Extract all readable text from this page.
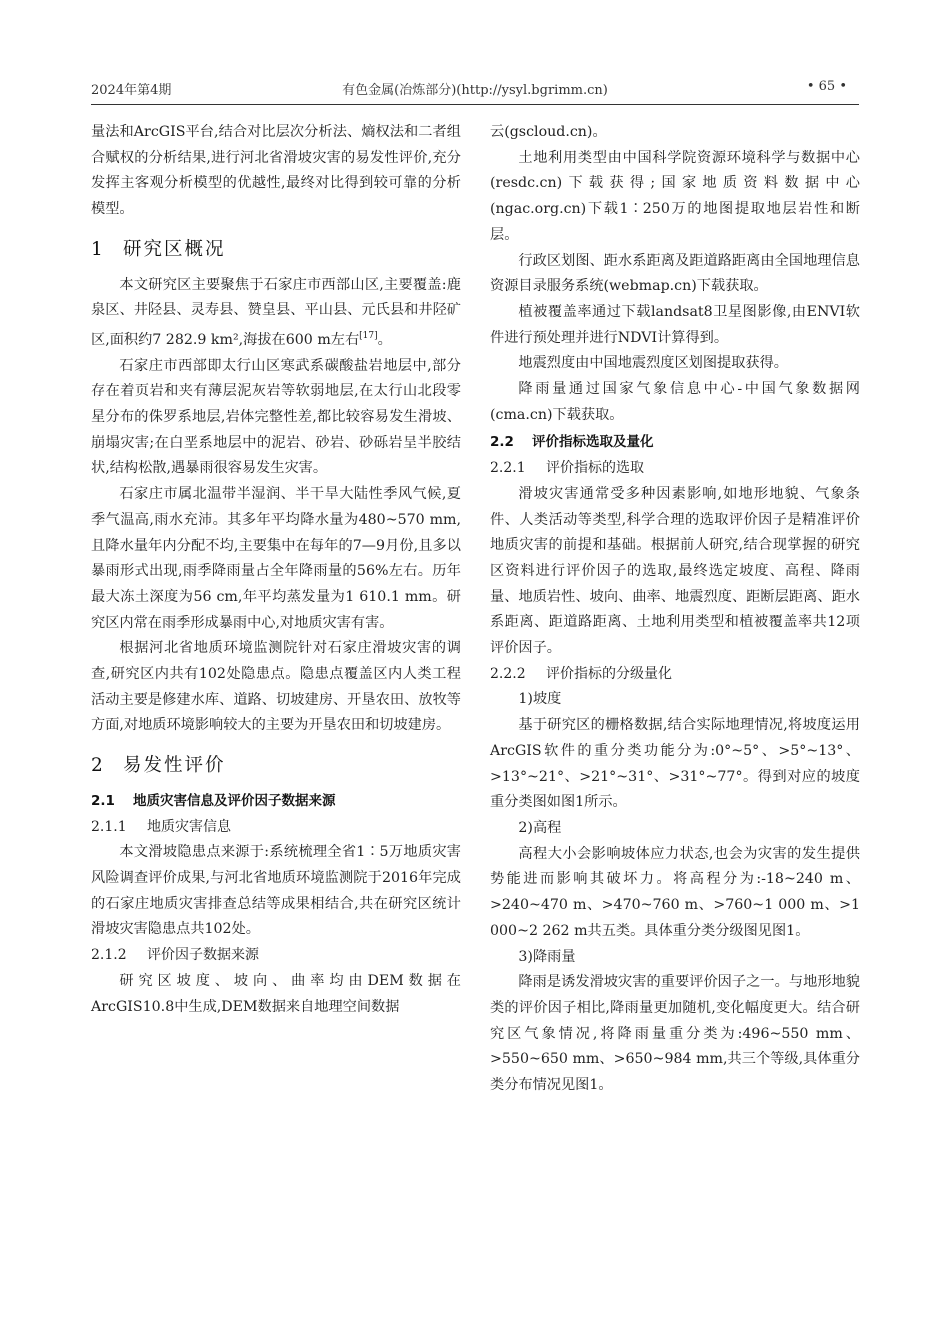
2024年第4期	有色金属(冶炼部分)(http://ysyl.bgrimm.cn)	• 65 •

量法和ArcGIS平台,结合对比层次分析法、熵权法和二者组合赋权的分析结果,进行河北省滑坡灾害的易发性评价,充分发挥主客观分析模型的优越性,最终对比得到较可靠的分析模型。

1 研究区概况

本文研究区主要聚焦于石家庄市西部山区,主要覆盖:鹿泉区、井陉县、灵寿县、赞皇县、平山县、元氏县和井陉矿区,面积约7 282.9 km²,海拔在600 m左右[17]。

石家庄市西部即太行山区寒武系碳酸盐岩地层中,部分存在着页岩和夹有薄层泥灰岩等软弱地层,在太行山北段零星分布的侏罗系地层,岩体完整性差,都比较容易发生滑坡、崩塌灾害;在白垩系地层中的泥岩、砂岩、砂砾岩呈半胶结状,结构松散,遇暴雨很容易发生灾害。

石家庄市属北温带半湿润、半干旱大陆性季风气候,夏季气温高,雨水充沛。其多年平均降水量为480~570 mm,且降水量年内分配不均,主要集中在每年的7—9月份,且多以暴雨形式出现,雨季降雨量占全年降雨量的56%左右。历年最大冻土深度为56 cm,年平均蒸发量为1 610.1 mm。研究区内常在雨季形成暴雨中心,对地质灾害有害。

根据河北省地质环境监测院针对石家庄滑坡灾害的调查,研究区内共有102处隐患点。隐患点覆盖区内人类工程活动主要是修建水库、道路、切坡建房、开垦农田、放牧等方面,对地质环境影响较大的主要为开垦农田和切坡建房。

2 易发性评价
2.1 地质灾害信息及评价因子数据来源
2.1.1 地质灾害信息

本文滑坡隐患点来源于:系统梳理全省1∶5万地质灾害风险调查评价成果,与河北省地质环境监测院于2016年完成的石家庄地质灾害排查总结等成果相结合,共在研究区统计滑坡灾害隐患点共102处。

2.1.2 评价因子数据来源

研究区坡度、坡向、曲率均由DEM数据在ArcGIS10.8中生成,DEM数据来自地理空间数据

云(gscloud.cn)。

土地利用类型由中国科学院资源环境科学与数据中心(resdc.cn)下载获得;国家地质资料数据中心(ngac.org.cn)下载1∶250万的地图提取地层岩性和断层。

行政区划图、距水系距离及距道路距离由全国地理信息资源目录服务系统(webmap.cn)下载获取。

植被覆盖率通过下载landsat8卫星图影像,由ENVI软件进行预处理并进行NDVI计算得到。

地震烈度由中国地震烈度区划图提取获得。

降雨量通过国家气象信息中心-中国气象数据网(cma.cn)下载获取。

2.2 评价指标选取及量化
2.2.1 评价指标的选取

滑坡灾害通常受多种因素影响,如地形地貌、气象条件、人类活动等类型,科学合理的选取评价因子是精准评价地质灾害的前提和基础。根据前人研究,结合现掌握的研究区资料进行评价因子的选取,最终选定坡度、高程、降雨量、地质岩性、坡向、曲率、地震烈度、距断层距离、距水系距离、距道路距离、土地利用类型和植被覆盖率共12项评价因子。

2.2.2 评价指标的分级量化

1)坡度

基于研究区的栅格数据,结合实际地理情况,将坡度运用ArcGIS软件的重分类功能分为:0°~5°、>5°~13°、>13°~21°、>21°~31°、>31°~77°。得到对应的坡度重分类图如图1所示。

2)高程

高程大小会影响坡体应力状态,也会为灾害的发生提供势能进而影响其破坏力。将高程分为:-18~240 m、>240~470 m、>470~760 m、>760~1 000 m、>1 000~2 262 m共五类。具体重分类分级图见图1。

3)降雨量

降雨是诱发滑坡灾害的重要评价因子之一。与地形地貌类的评价因子相比,降雨量更加随机,变化幅度更大。结合研究区气象情况,将降雨量重分类为:496~550 mm、>550~650 mm、>650~984 mm,共三个等级,具体重分类分布情况见图1。
